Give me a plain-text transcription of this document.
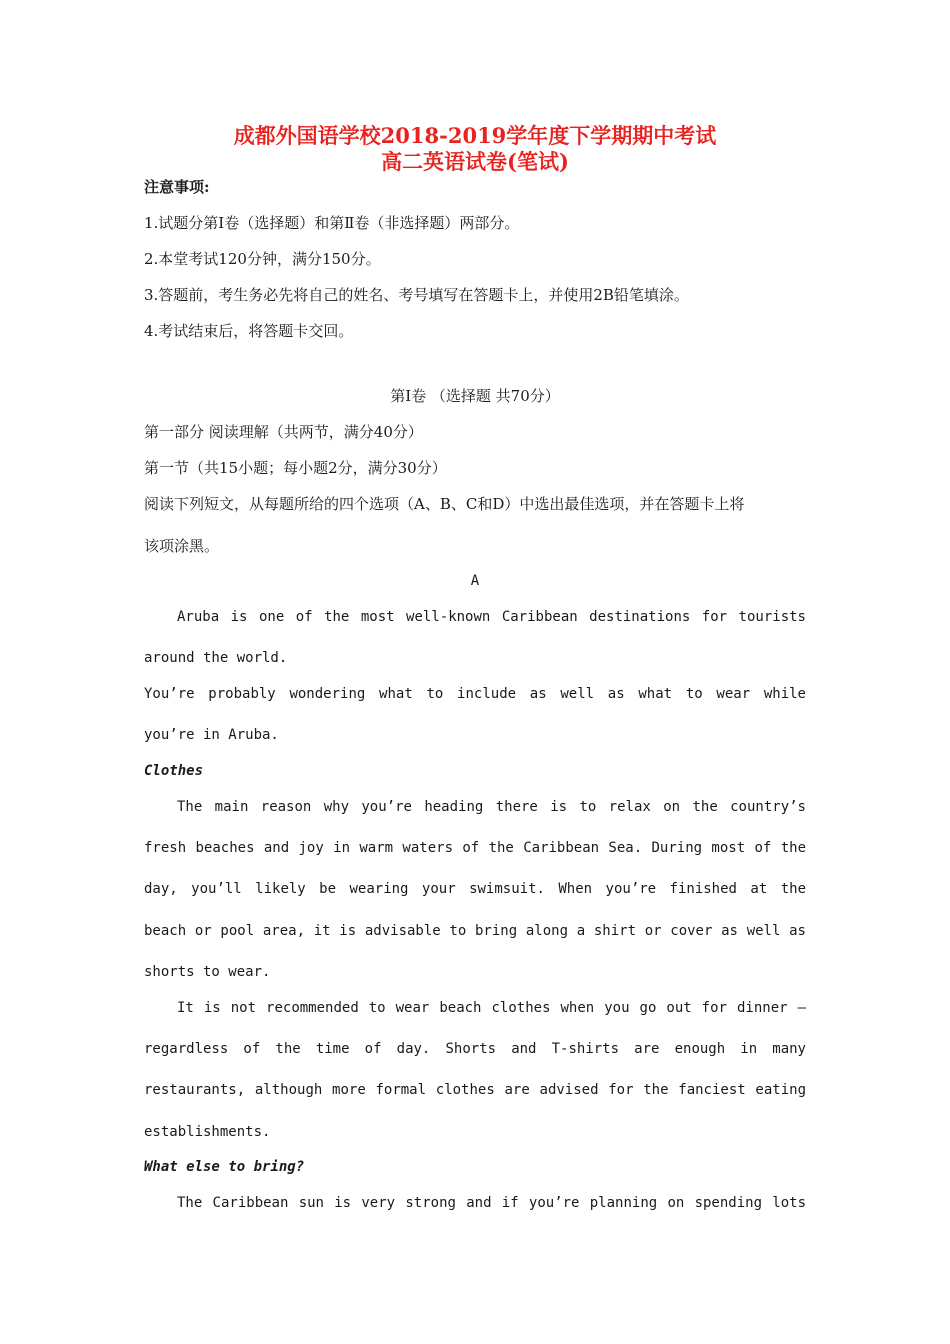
成都外国语学校2018-2019学年度下学期期中考试
高二英语试卷(笔试)
注意事项:
1.试题分第Ⅰ卷（选择题）和第Ⅱ卷（非选择题）两部分。
2.本堂考试120分钟，满分150分。
3.答题前，考生务必先将自己的姓名、考号填写在答题卡上，并使用2B铅笔填涂。
4.考试结束后，将答题卡交回。
第Ⅰ卷 （选择题 共70分）
第一部分 阅读理解（共两节，满分40分）
第一节（共15小题；每小题2分，满分30分）
阅读下列短文，从每题所给的四个选项（A、B、C和D）中选出最佳选项，并在答题卡上将
该项涂黑。
A
Aruba is one of the most well-known Caribbean destinations for tourists
around the world.
You’re probably wondering what to include as well as what to wear while
you’re in Aruba.
Clothes
The main reason why you’re heading there is to relax on the country’s
fresh beaches and joy in warm waters of the Caribbean Sea. During most of the
day, you’ll likely be wearing your swimsuit. When you’re finished at the
beach or pool area, it is advisable to bring along a shirt or cover as well as
shorts to wear.
It is not recommended to wear beach clothes when you go out for dinner –
regardless of the time of day. Shorts and T-shirts are enough in many
restaurants, although more formal clothes are advised for the fanciest eating
establishments.
What else to bring?
The Caribbean sun is very strong and if you’re planning on spending lots
